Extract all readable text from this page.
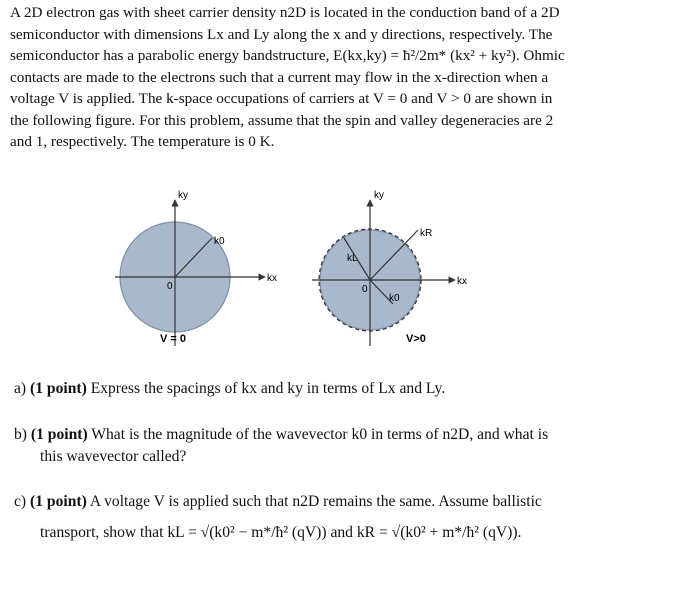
A 2D electron gas with sheet carrier density n2D is located in the conduction band of a 2D

semiconductor with dimensions Lx and Ly along the x and y directions, respectively. The

semiconductor has a parabolic energy bandstructure, E(kx,ky) = ħ²/2m* (kx² + ky²). Ohmic

contacts are made to the electrons such that a current may flow in the x-direction when a

voltage V is applied. The k-space occupations of carriers at V = 0 and V > 0 are shown in

the following figure. For this problem, assume that the spin and valley degeneracies are 2

and 1, respectively. The temperature is 0 K.

ky
kx
k0
0
V = 0
ky
kx
kR
kL
k0
0
V>0
a) (1 point) Express the spacings of kx and ky in terms of Lx and Ly.
b) (1 point) What is the magnitude of the wavevector k0 in terms of n2D, and what is
this wavevector called?
c) (1 point) A voltage V is applied such that n2D remains the same. Assume ballistic
transport, show that kL = √(k0² − m*/ħ² (qV)) and kR = √(k0² + m*/ħ² (qV)).
